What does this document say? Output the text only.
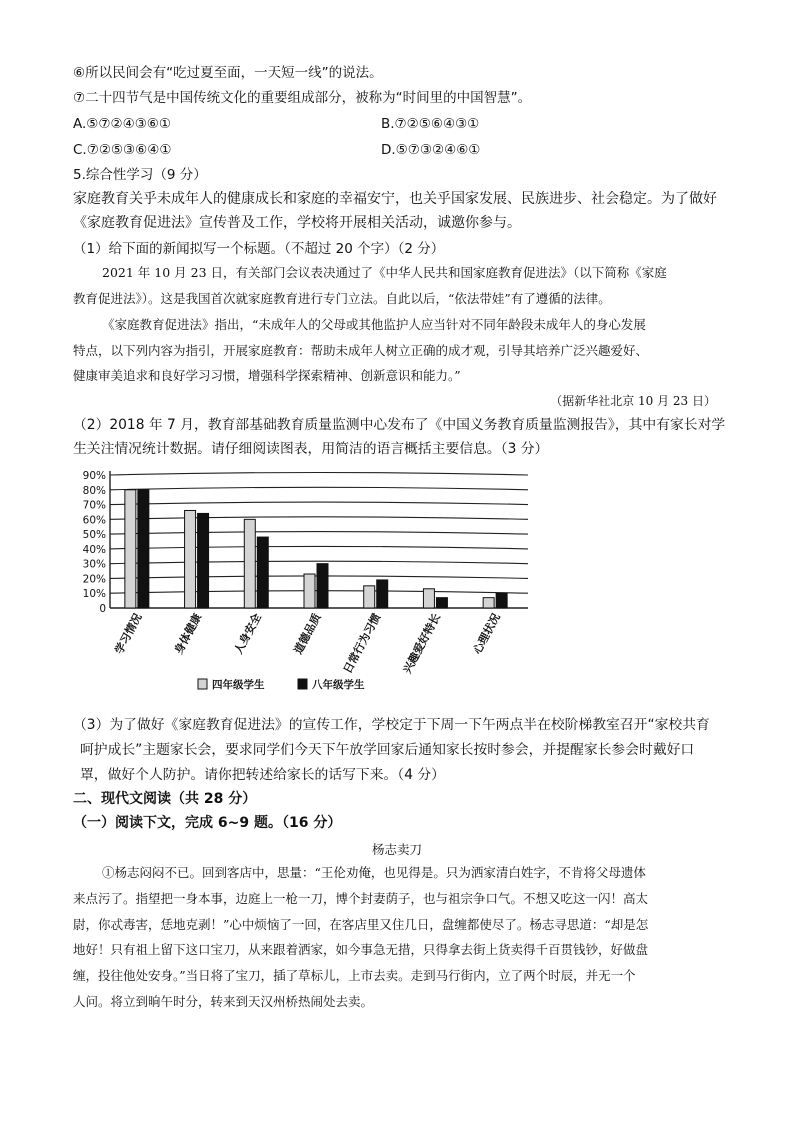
⑥所以民间会有“吃过夏至面，一天短一线”的说法。
⑦二十四节气是中国传统文化的重要组成部分，被称为“时间里的中国智慧”。
A.⑤⑦②④③⑥①	B.⑦②⑤⑥④③①
C.⑦②⑤③⑥④①	D.⑤⑦③②④⑥①
5.综合性学习（9 分）
家庭教育关乎未成年人的健康成长和家庭的幸福安宁，也关乎国家发展、民族进步、社会稳定。为了做好
《家庭教育促进法》宣传普及工作，学校将开展相关活动，诚邀你参与。
（1）给下面的新闻拟写一个标题。（不超过 20 个字）（2 分）
2021 年 10 月 23 日，有关部门会议表决通过了《中华人民共和国家庭教育促进法》（以下简称《家庭
教育促进法》）。这是我国首次就家庭教育进行专门立法。自此以后，“依法带娃”有了遵循的法律。
《家庭教育促进法》指出，“未成年人的父母或其他监护人应当针对不同年龄段未成年人的身心发展
特点，以下列内容为指引，开展家庭教育：帮助未成年人树立正确的成才观，引导其培养广泛兴趣爱好、
健康审美追求和良好学习习惯，增强科学探索精神、创新意识和能力。”
（据新华社北京 10 月 23 日）
（2）2018 年 7 月，教育部基础教育质量监测中心发布了《中国义务教育质量监测报告》，其中有家长对学
生关注情况统计数据。请仔细阅读图表，用简洁的语言概括主要信息。（3 分）
0
10%
20%
30%
40%
50%
60%
70%
80%
90%
学习情况	身体健康	人身安全	道德品质 日常行为习惯 兴趣爱好特长	心理状况
四年级学生	八年级学生
（3）为了做好《家庭教育促进法》的宣传工作，学校定于下周一下午两点半在校阶梯教室召开“家校共育
呵护成长”主题家长会，要求同学们今天下午放学回家后通知家长按时参会，并提醒家长参会时戴好口
罩，做好个人防护。请你把转述给家长的话写下来。（4 分）
二、现代文阅读（共 28 分）
（一）阅读下文，完成 6~9 题。（16 分）
杨志卖刀
①杨志闷闷不已。回到客店中，思量：“王伦劝俺，也见得是。只为洒家清白姓字，不肯将父母遗体
来点污了。指望把一身本事，边庭上一枪一刀，博个封妻荫子，也与祖宗争口气。不想又吃这一闪！高太
尉，你忒毒害，恁地克剥！”心中烦恼了一回，在客店里又住几日，盘缠都使尽了。杨志寻思道：“却是怎
地好！只有祖上留下这口宝刀，从来跟着洒家，如今事急无措，只得拿去街上货卖得千百贯钱钞，好做盘
缠，投往他处安身。”当日将了宝刀，插了草标儿，上市去卖。走到马行街内，立了两个时辰，并无一个
人问。将立到晌午时分，转来到天汉州桥热闹处去卖。
